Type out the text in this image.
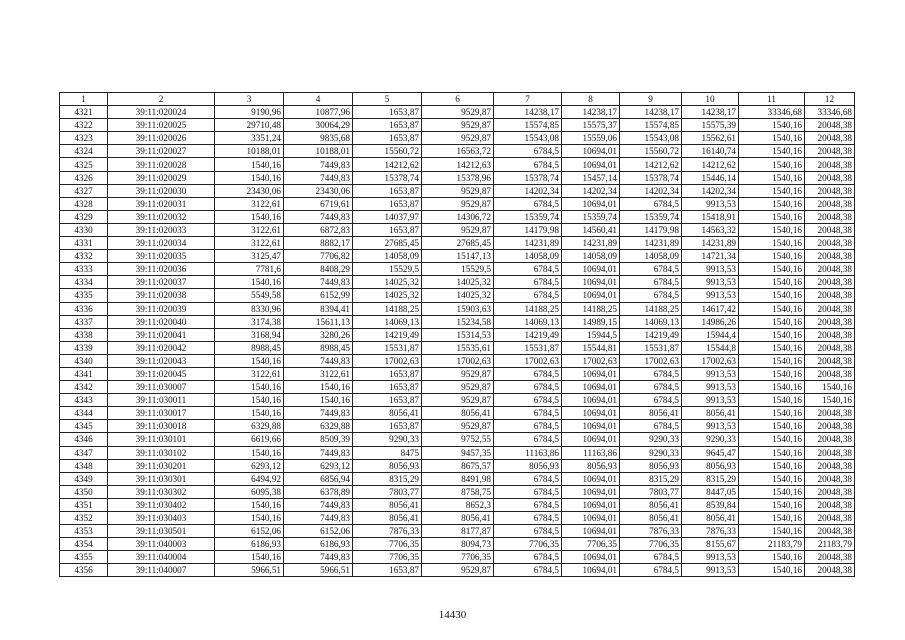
1	2	3	4	5	6	7	8	9	10	11	12
4321	39:11:020024	9190,96	10877,96	1653,87	9529,87	14238,17	14238,17	14238,17	14238,17	33346,68	33346,68
4322	39:11:020025	29710,48	30064,29	1653,87	9529,87	15574,85	15575,37	15574,85	15575,39	1540,16	20048,38
4323	39:11:020026	3351,24	9835,68	1653,87	9529,87	15543,08	15559,06	15543,08	15562,61	1540,16	20048,38
4324	39:11:020027	10188,01	10188,01	15560,72	16563,72	6784,5	10694,01	15560,72	16140,74	1540,16	20048,38
4325	39:11:020028	1540,16	7449,83	14212,62	14212,63	6784,5	10694,01	14212,62	14212,62	1540,16	20048,38
4326	39:11:020029	1540,16	7449,83	15378,74	15378,96	15378,74	15457,14	15378,74	15446,14	1540,16	20048,38
4327	39:11:020030	23430,06	23430,06	1653,87	9529,87	14202,34	14202,34	14202,34	14202,34	1540,16	20048,38
4328	39:11:020031	3122,61	6719,61	1653,87	9529,87	6784,5	10694,01	6784,5	9913,53	1540,16	20048,38
4329	39:11:020032	1540,16	7449,83	14037,97	14306,72	15359,74	15359,74	15359,74	15418,91	1540,16	20048,38
4330	39:11:020033	3122,61	6872,83	1653,87	9529,87	14179,98	14560,41	14179,98	14563,32	1540,16	20048,38
4331	39:11:020034	3122,61	8882,17	27685,45	27685,45	14231,89	14231,89	14231,89	14231,89	1540,16	20048,38
4332	39:11:020035	3125,47	7706,82	14058,09	15147,13	14058,09	14058,09	14058,09	14721,34	1540,16	20048,38
4333	39:11:020036	7781,6	8408,29	15529,5	15529,5	6784,5	10694,01	6784,5	9913,53	1540,16	20048,38
4334	39:11:020037	1540,16	7449,83	14025,32	14025,32	6784,5	10694,01	6784,5	9913,53	1540,16	20048,38
4335	39:11:020038	5549,58	6152,99	14025,32	14025,32	6784,5	10694,01	6784,5	9913,53	1540,16	20048,38
4336	39:11:020039	8330,96	8394,41	14188,25	15903,63	14188,25	14188,25	14188,25	14617,42	1540,16	20048,38
4337	39:11:020040	3174,38	15611,13	14069,13	15234,58	14069,13	14989,15	14069,13	14986,26	1540,16	20048,38
4338	39:11:020041	3168,94	3280,26	14219,49	15314,53	14219,49	15944,5	14219,49	15944,4	1540,16	20048,38
4339	39:11:020042	8988,45	8988,45	15531,87	15535,61	15531,87	15544,81	15531,87	15544,8	1540,16	20048,38
4340	39:11:020043	1540,16	7449,83	17002,63	17002,63	17002,63	17002,63	17002,63	17002,63	1540,16	20048,38
4341	39:11:020045	3122,61	3122,61	1653,87	9529,87	6784,5	10694,01	6784,5	9913,53	1540,16	20048,38
4342	39:11:030007	1540,16	1540,16	1653,87	9529,87	6784,5	10694,01	6784,5	9913,53	1540,16	1540,16
4343	39:11:030011	1540,16	1540,16	1653,87	9529,87	6784,5	10694,01	6784,5	9913,53	1540,16	1540,16
4344	39:11:030017	1540,16	7449,83	8056,41	8056,41	6784,5	10694,01	8056,41	8056,41	1540,16	20048,38
4345	39:11:030018	6329,88	6329,88	1653,87	9529,87	6784,5	10694,01	6784,5	9913,53	1540,16	20048,38
4346	39:11:030101	6619,66	8509,39	9290,33	9752,55	6784,5	10694,01	9290,33	9290,33	1540,16	20048,38
4347	39:11:030102	1540,16	7449,83	8475	9457,35	11163,86	11163,86	9290,33	9645,47	1540,16	20048,38
4348	39:11:030201	6293,12	6293,12	8056,93	8675,57	8056,93	8056,93	8056,93	8056,93	1540,16	20048,38
4349	39:11:030301	6494,92	6856,94	8315,29	8491,98	6784,5	10694,01	8315,29	8315,29	1540,16	20048,38
4350	39:11:030302	6095,38	6378,89	7803,77	8758,75	6784,5	10694,01	7803,77	8447,05	1540,16	20048,38
4351	39:11:030402	1540,16	7449,83	8056,41	8652,3	6784,5	10694,01	8056,41	8539,84	1540,16	20048,38
4352	39:11:030403	1540,16	7449,83	8056,41	8056,41	6784,5	10694,01	8056,41	8056,41	1540,16	20048,38
4353	39:11:030501	6152,06	6152,06	7876,33	8177,87	6784,5	10694,01	7876,33	7876,33	1540,16	20048,38
4354	39:11:040003	6186,93	6186,93	7706,35	8094,73	7706,35	7706,35	7706,35	8155,67	21183,79	21183,79
4355	39:11:040004	1540,16	7449,83	7706,35	7706,35	6784,5	10694,01	6784,5	9913,53	1540,16	20048,38
4356	39:11:040007	5966,51	5966,51	1653,87	9529,87	6784,5	10694,01	6784,5	9913,53	1540,16	20048,38
14430
